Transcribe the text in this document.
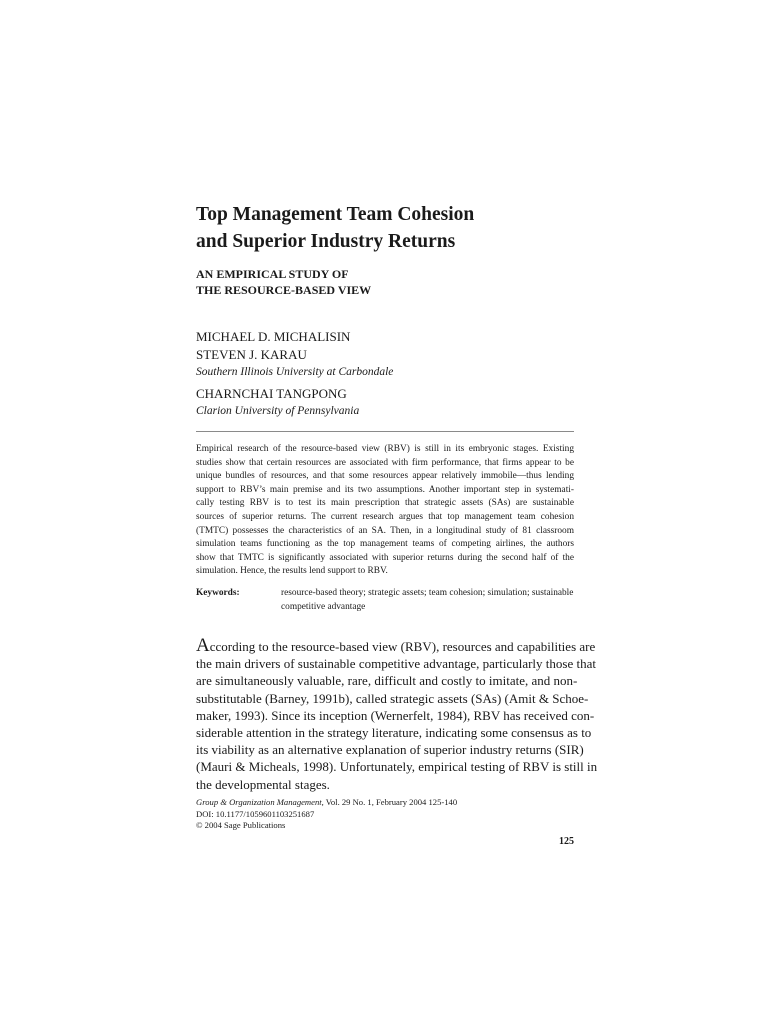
Top Management Team Cohesion
and Superior Industry Returns
AN EMPIRICAL STUDY OF
THE RESOURCE-BASED VIEW
MICHAEL D. MICHALISIN
STEVEN J. KARAU
Southern Illinois University at Carbondale
CHARNCHAI TANGPONG
Clarion University of Pennsylvania
Empirical research of the resource-based view (RBV) is still in its embryonic stages. Existing
studies show that certain resources are associated with firm performance, that firms appear to be
unique bundles of resources, and that some resources appear relatively immobile—thus lending
support to RBV’s main premise and its two assumptions. Another important step in systemati-
cally testing RBV is to test its main prescription that strategic assets (SAs) are sustainable
sources of superior returns. The current research argues that top management team cohesion
(TMTC) possesses the characteristics of an SA. Then, in a longitudinal study of 81 classroom
simulation teams functioning as the top management teams of competing airlines, the authors
show that TMTC is significantly associated with superior returns during the second half of the
simulation. Hence, the results lend support to RBV.
Keywords:	resource-based theory; strategic assets; team cohesion; simulation; sustainable
competitive advantage
According to the resource-based view (RBV), resources and capabilities are
the main drivers of sustainable competitive advantage, particularly those that
are simultaneously valuable, rare, difficult and costly to imitate, and non-
substitutable (Barney, 1991b), called strategic assets (SAs) (Amit & Schoe-
maker, 1993). Since its inception (Wernerfelt, 1984), RBV has received con-
siderable attention in the strategy literature, indicating some consensus as to
its viability as an alternative explanation of superior industry returns (SIR)
(Mauri & Micheals, 1998). Unfortunately, empirical testing of RBV is still in
the developmental stages.
Group & Organization Management, Vol. 29 No. 1, February 2004 125-140
DOI: 10.1177/1059601103251687
© 2004 Sage Publications
125
